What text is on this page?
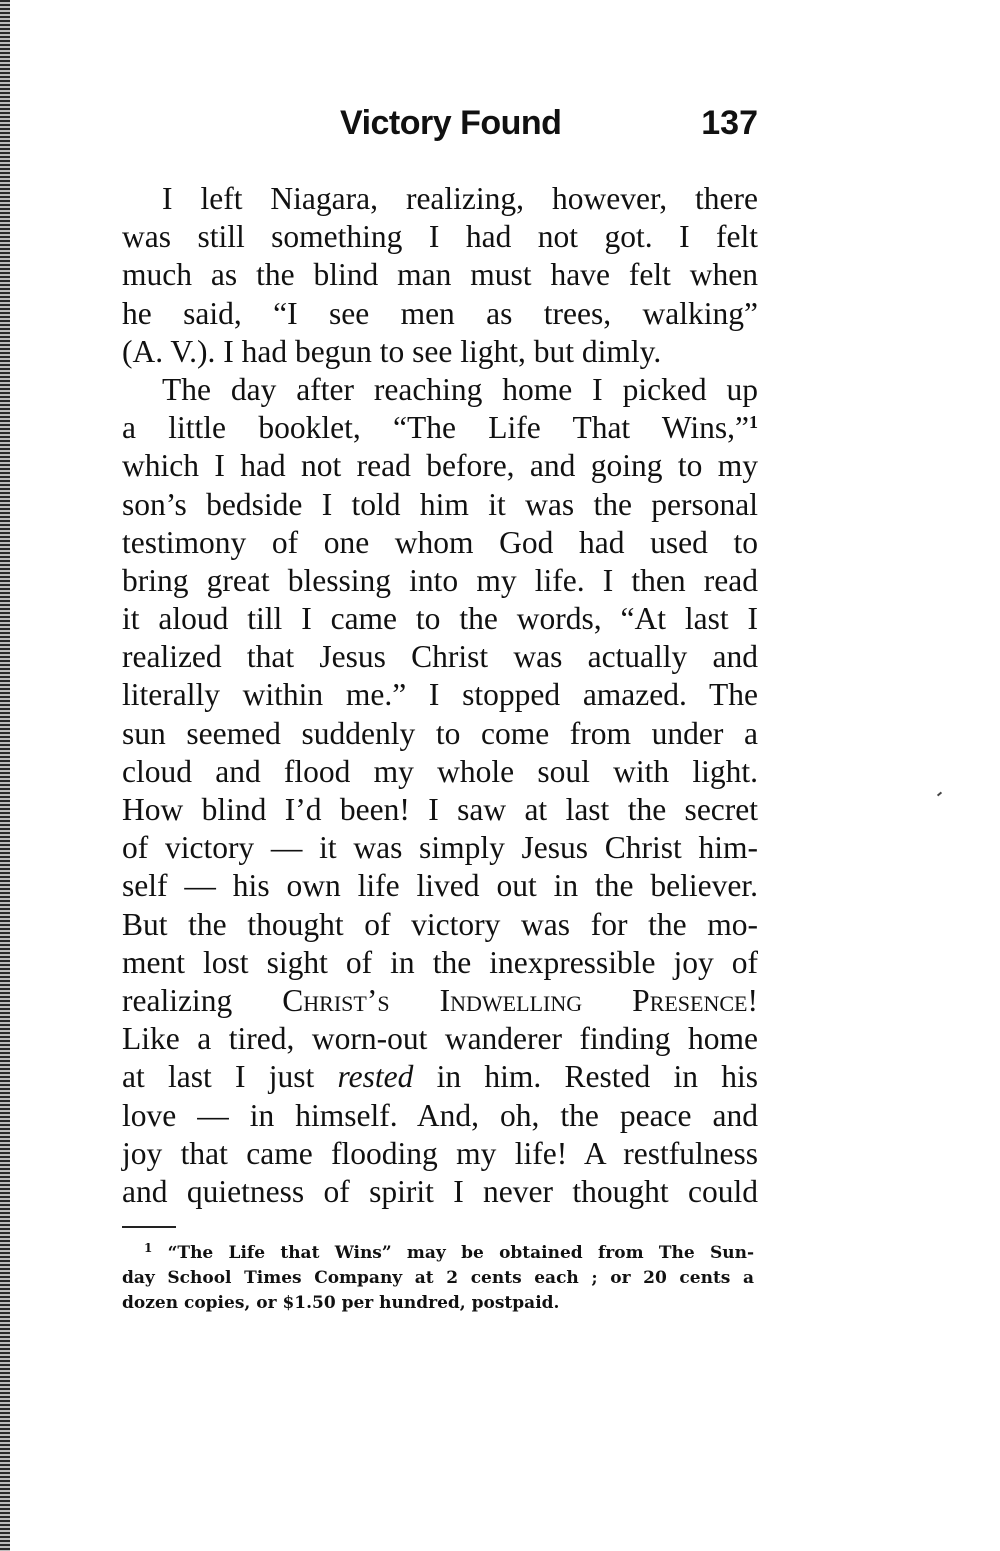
Victory Found	137
I left Niagara, realizing, however, there
was still something I had not got. I felt
much as the blind man must have felt when
he said, “I see men as trees, walking”
(A. V.). I had begun to see light, but dimly.
The day after reaching home I picked up
a little booklet, “The Life That Wins,”$^1$
which I had not read before, and going to my
son’s bedside I told him it was the personal
testimony of one whom God had used to
bring great blessing into my life. I then read
it aloud till I came to the words, “At last I
realized that Jesus Christ was actually and
literally within me.” I stopped amazed. The
sun seemed suddenly to come from under a
cloud and flood my whole soul with light.
How blind I’d been! I saw at last the secret
of victory — it was simply Jesus Christ him-
self — his own life lived out in the believer.
But the thought of victory was for the mo-
ment lost sight of in the inexpressible joy of
realizing Christ’s Indwelling Presence!
Like a tired, worn-out wanderer finding home
at last I just rested in him. Rested in his
love — in himself. And, oh, the peace and
joy that came flooding my life! A restfulness
and quietness of spirit I never thought could
$^1$ “The Life that Wins” may be obtained from The Sun-
day School Times Company at 2 cents each ; or 20 cents a
dozen copies, or $1.50 per hundred, postpaid.
